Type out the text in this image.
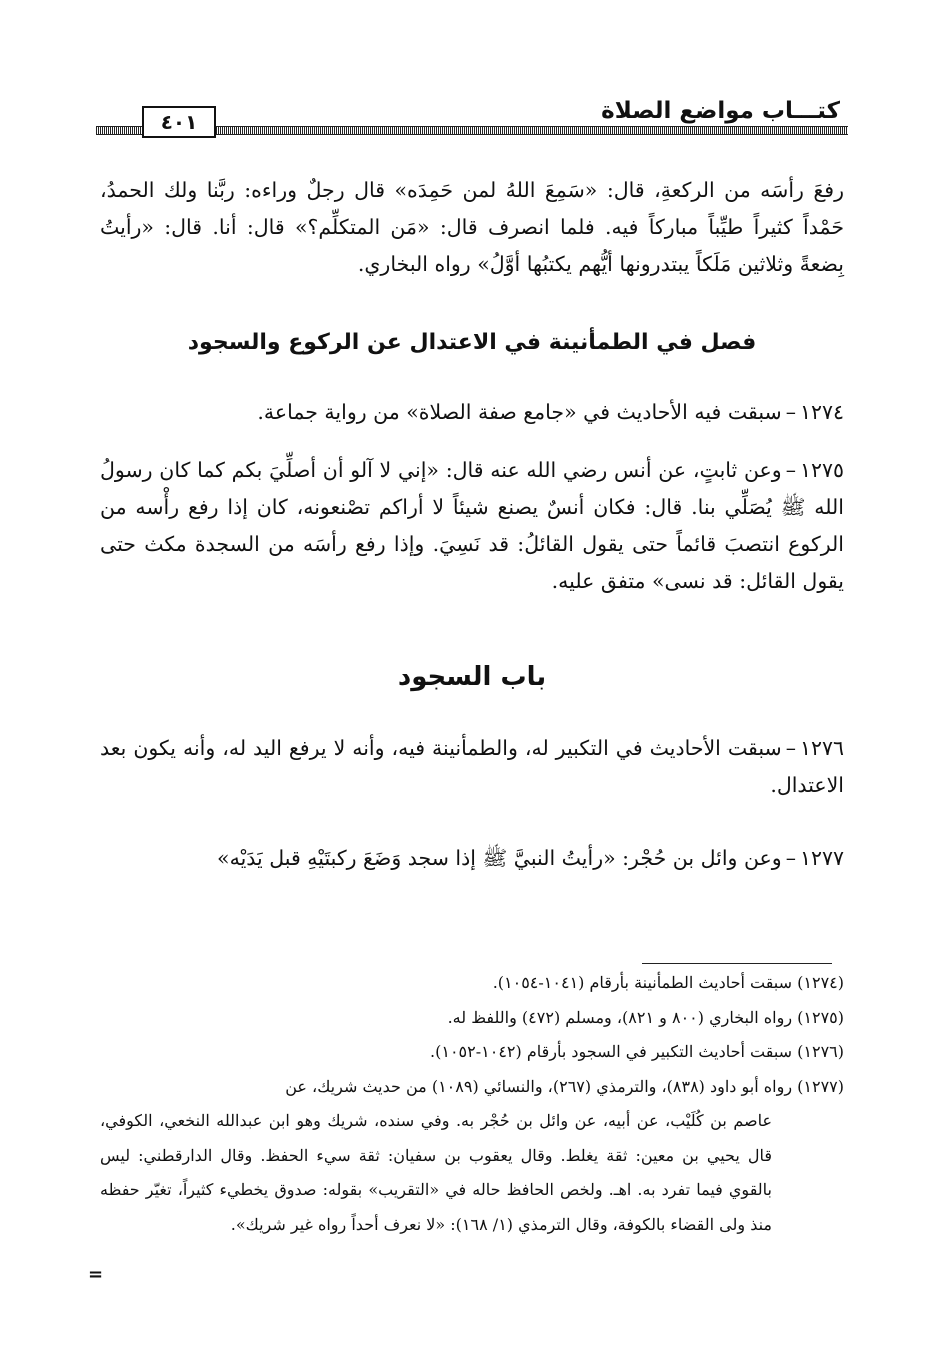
كتـــاب مواضع الصلاة
٤٠١

رفعَ رأسَه من الركعةِ، قال: «سَمِعَ اللهُ لمن حَمِدَه» قال رجلٌ وراءه: ربَّنا ولك الحمدُ، حَمْداً كثيراً طيِّباً مباركاً فيه. فلما انصرف قال: «مَن المتكلِّم؟» قال: أنا. قال: «رأيتُ بِضعةً وثلاثين مَلَكاً يبتدرونها أيُّهم يكتبُها أوَّلُ» رواه البخاري.

فصل في الطمأنينة في الاعتدال عن الركوع والسجود

١٢٧٤–سبقت فيه الأحاديث في «جامع صفة الصلاة» من رواية جماعة.

١٢٧٥–وعن ثابتٍ، عن أنس رضي الله عنه قال: «إني لا آلو أن أصلِّيَ بكم كما كان رسولُ الله ﷺ يُصَلِّي بنا. قال: فكان أنسٌ يصنع شيئاً لا أراكم تصْنعونه، كان إذا رفع رأْسه من الركوع انتصبَ قائماً حتى يقول القائلُ: قد نَسِيَ. وإذا رفع رأسَه من السجدة مكث حتى يقول القائل: قد نسى» متفق عليه.

باب السجود

١٢٧٦–سبقت الأحاديث في التكبير له، والطمأنينة فيه، وأنه لا يرفع اليد له، وأنه يكون بعد الاعتدال.

١٢٧٧–وعن وائل بن حُجْر: «رأيتُ النبيَّ ﷺ إذا سجد وَضَعَ ركبتَيْهِ قبل يَدَيْه»

(١٢٧٤) سبقت أحاديث الطمأنينة بأرقام (١٠٤١-١٠٥٤).

(١٢٧٥) رواه البخاري (٨٠٠ و ٨٢١)، ومسلم (٤٧٢) واللفظ له.

(١٢٧٦) سبقت أحاديث التكبير في السجود بأرقام (١٠٤٢-١٠٥٢).

(١٢٧٧) رواه أبو داود (٨٣٨)، والترمذي (٢٦٧)، والنسائي (١٠٨٩) من حديث شريك، عن

عاصم بن كُلَيْب، عن أبيه، عن وائل بن حُجْر به. وفي سنده، شريك وهو ابن عبدالله النخعي، الكوفي، قال يحيي بن معين: ثقة يغلط. وقال يعقوب بن سفيان: ثقة سيء الحفظ. وقال الدارقطني: ليس بالقوي فيما تفرد به. اهـ. ولخص الحافظ حاله في «التقريب» بقوله: صدوق يخطيء كثيراً، تغيّر حفظه منذ ولى القضاء بالكوفة، وقال الترمذي (١/ ١٦٨): «لا نعرف أحداً رواه غير شريك».

=
